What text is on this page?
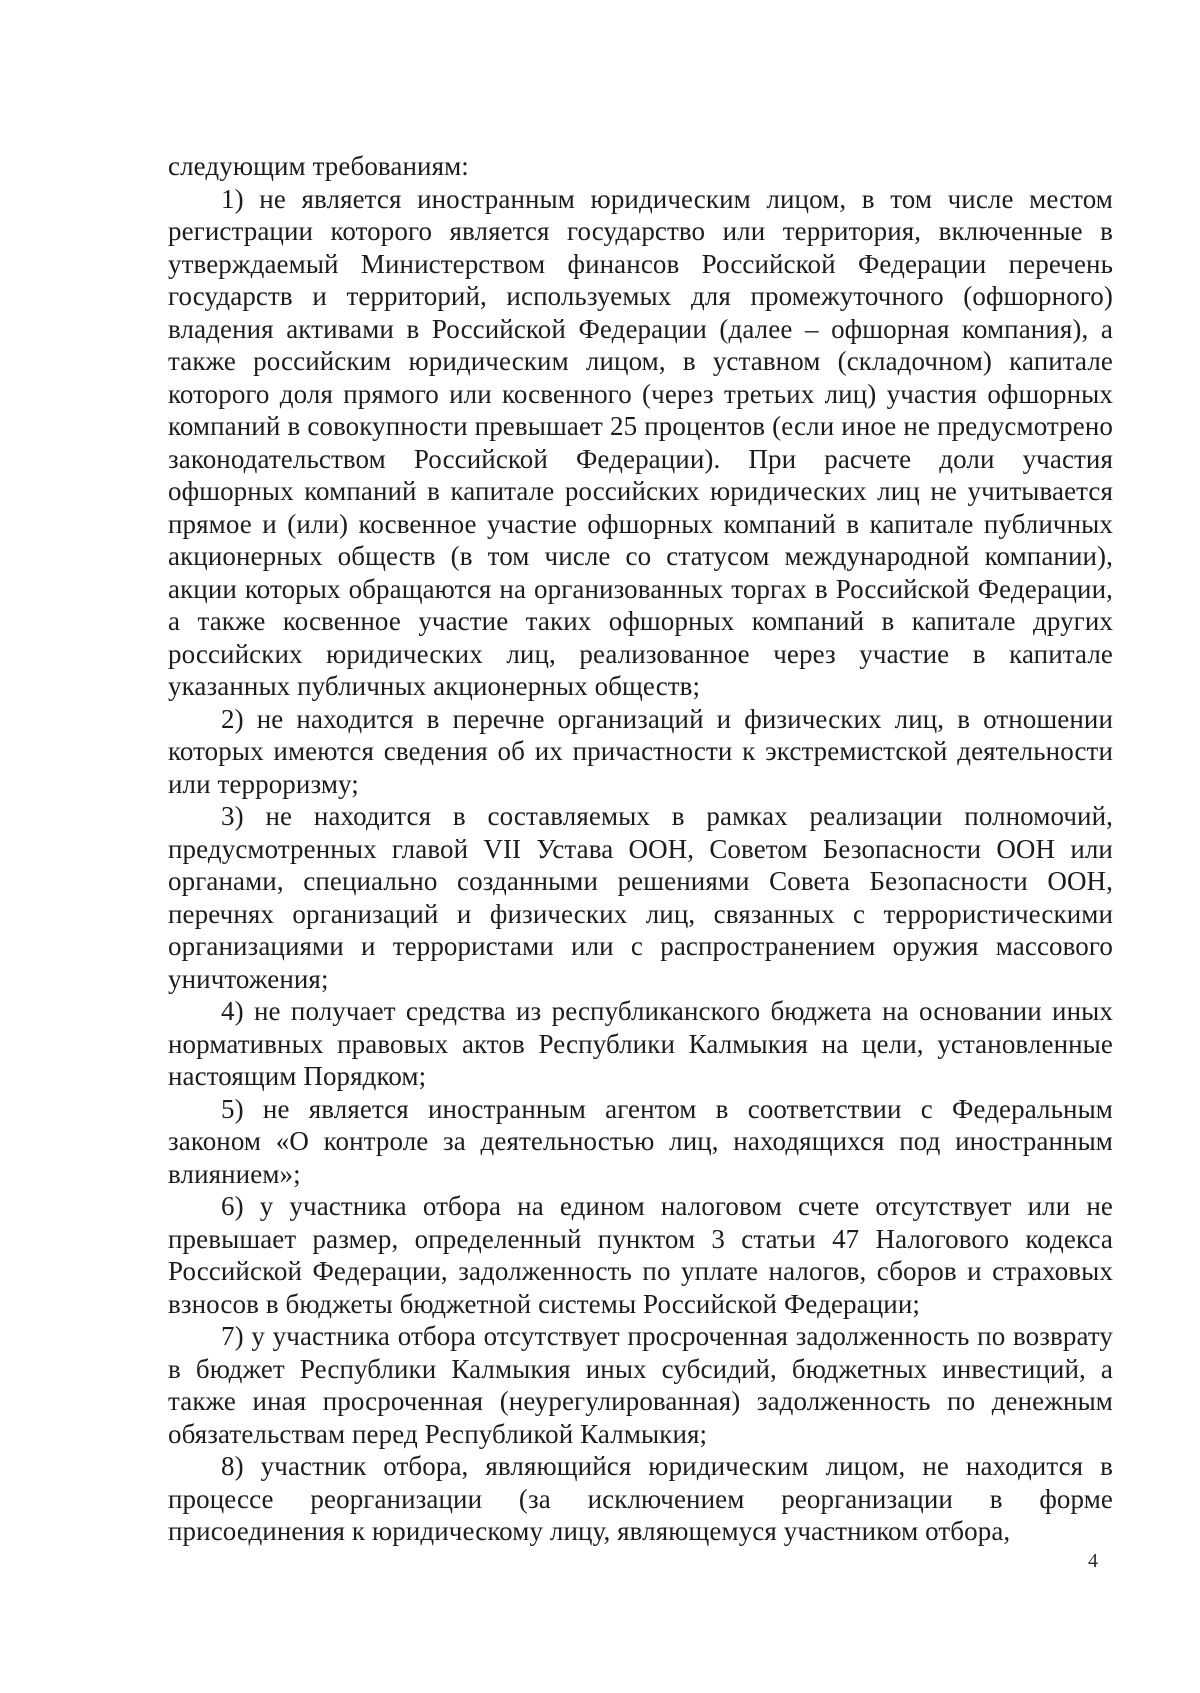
следующим требованиям:

1) не является иностранным юридическим лицом, в том числе местом регистрации которого является государство или территория, включенные в утверждаемый Министерством финансов Российской Федерации перечень государств и территорий, используемых для промежуточного (офшорного) владения активами в Российской Федерации (далее – офшорная компания), а также российским юридическим лицом, в уставном (складочном) капитале которого доля прямого или косвенного (через третьих лиц) участия офшорных компаний в совокупности превышает 25 процентов (если иное не предусмотрено законодательством Российской Федерации). При расчете доли участия офшорных компаний в капитале российских юридических лиц не учитывается прямое и (или) косвенное участие офшорных компаний в капитале публичных акционерных обществ (в том числе со статусом международной компании), акции которых обращаются на организованных торгах в Российской Федерации, а также косвенное участие таких офшорных компаний в капитале других российских юридических лиц, реализованное через участие в капитале указанных публичных акционерных обществ;

2) не находится в перечне организаций и физических лиц, в отношении которых имеются сведения об их причастности к экстремистской деятельности или терроризму;

3) не находится в составляемых в рамках реализации полномочий, предусмотренных главой VII Устава ООН, Советом Безопасности ООН или органами, специально созданными решениями Совета Безопасности ООН, перечнях организаций и физических лиц, связанных с террористическими организациями и террористами или с распространением оружия массового уничтожения;

4) не получает средства из республиканского бюджета на основании иных нормативных правовых актов Республики Калмыкия на цели, установленные настоящим Порядком;

5) не является иностранным агентом в соответствии с Федеральным законом «О контроле за деятельностью лиц, находящихся под иностранным влиянием»;

6) у участника отбора на едином налоговом счете отсутствует или не превышает размер, определенный пунктом 3 статьи 47 Налогового кодекса Российской Федерации, задолженность по уплате налогов, сборов и страховых взносов в бюджеты бюджетной системы Российской Федерации;

7) у участника отбора отсутствует просроченная задолженность по возврату в бюджет Республики Калмыкия иных субсидий, бюджетных инвестиций, а также иная просроченная (неурегулированная) задолженность по денежным обязательствам перед Республикой Калмыкия;

8) участник отбора, являющийся юридическим лицом, не находится в процессе реорганизации (за исключением реорганизации в форме присоединения к юридическому лицу, являющемуся участником отбора,

4
